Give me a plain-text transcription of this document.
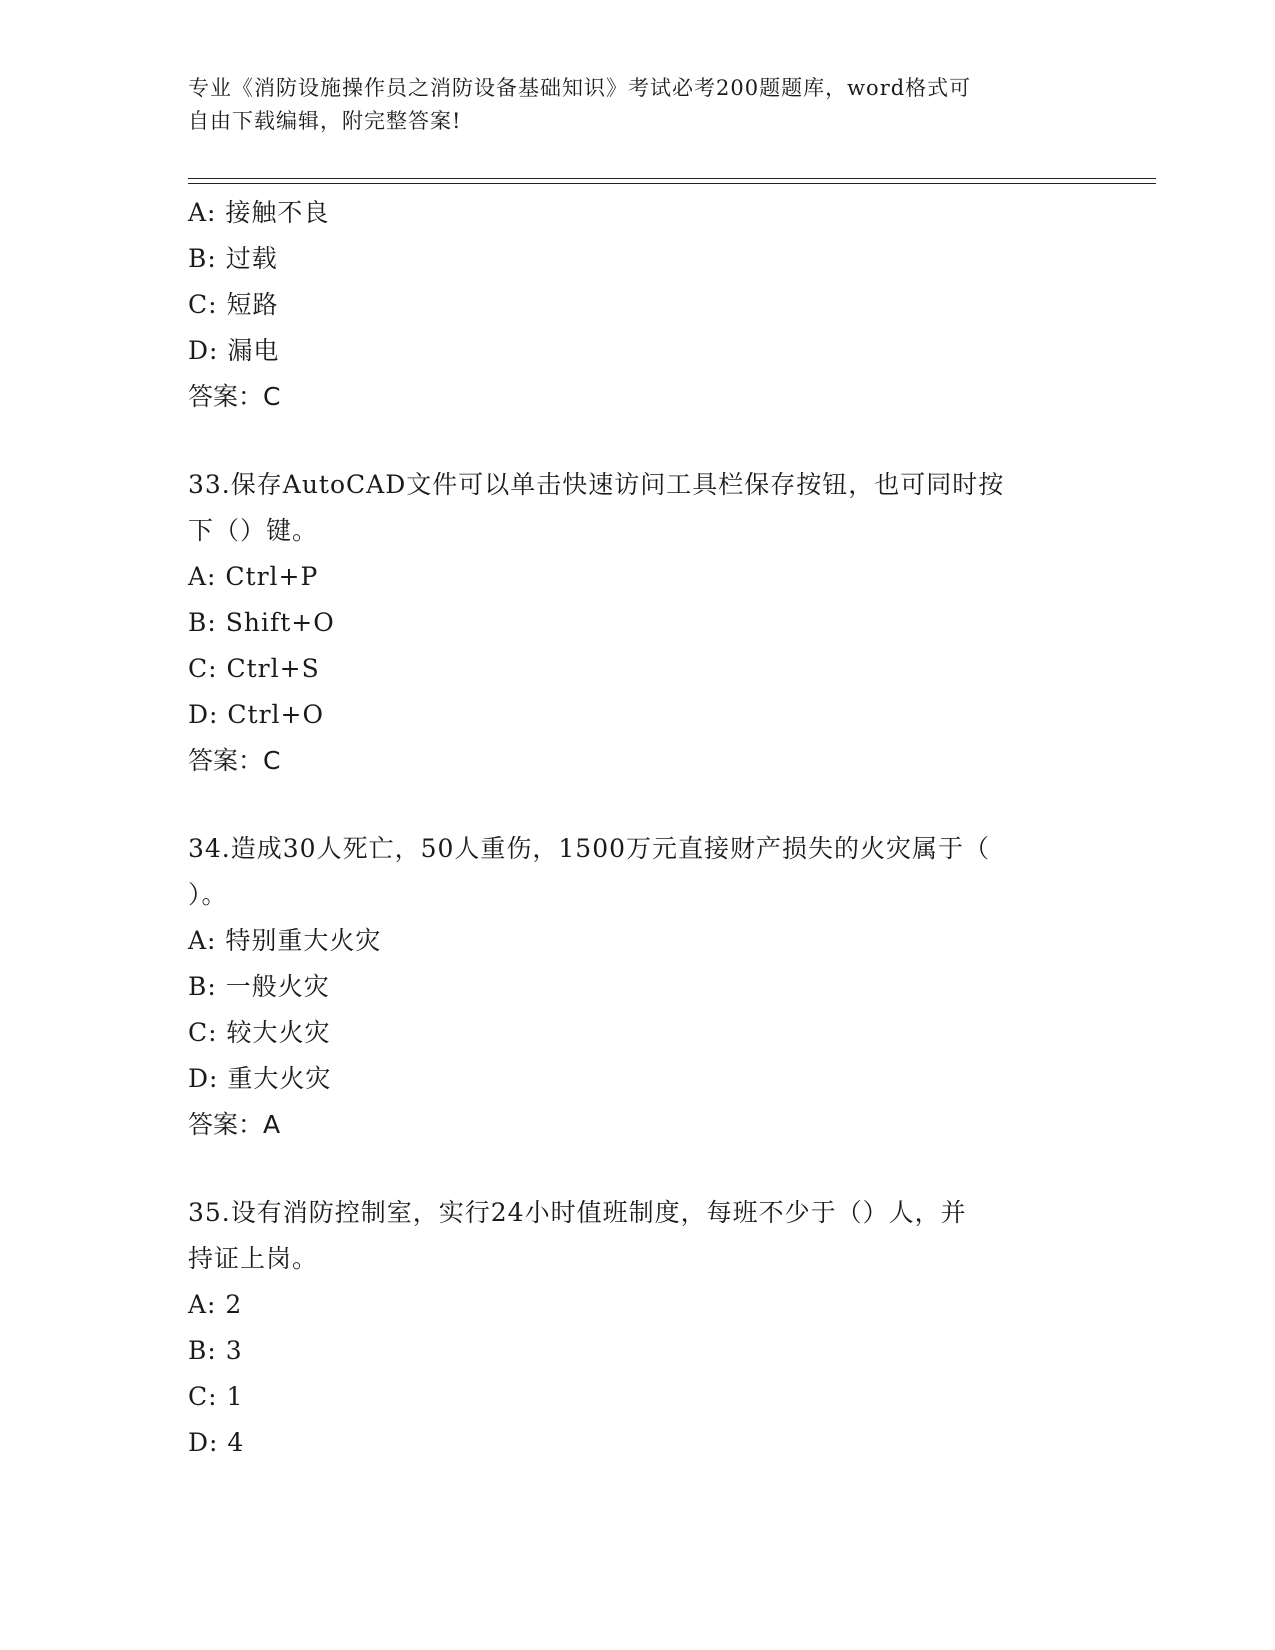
专业《消防设施操作员之消防设备基础知识》考试必考200题题库，word格式可
自由下载编辑，附完整答案!
A: 接触不良
B: 过载
C: 短路
D: 漏电
答案：C
33.保存AutoCAD文件可以单击快速访问工具栏保存按钮，也可同时按
下（）键。
A: Ctrl+P
B: Shift+O
C: Ctrl+S
D: Ctrl+O
答案：C
34.造成30人死亡，50人重伤，1500万元直接财产损失的火灾属于（
）。
A: 特别重大火灾
B: 一般火灾
C: 较大火灾
D: 重大火灾
答案：A
35.设有消防控制室，实行24小时值班制度，每班不少于（）人，并
持证上岗。
A: 2
B: 3
C: 1
D: 4
